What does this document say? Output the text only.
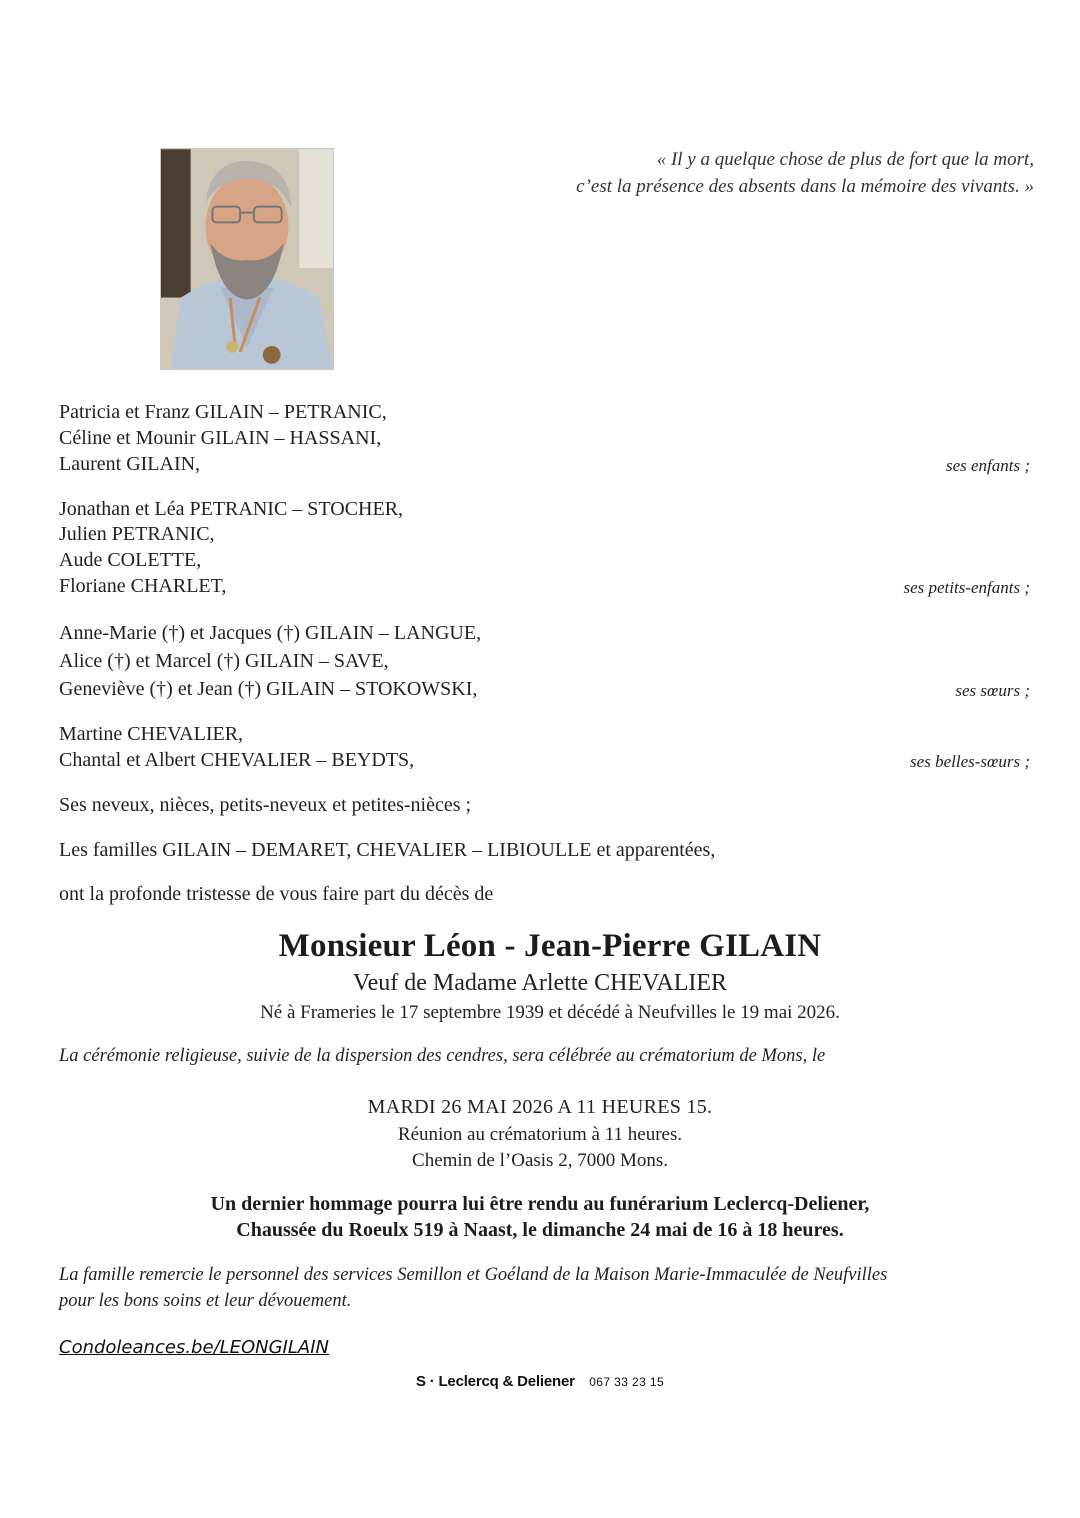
« Il y a quelque chose de plus de fort que la mort,
c’est la présence des absents dans la mémoire des vivants. »
Patricia et Franz GILAIN – PETRANIC,
Céline et Mounir GILAIN – HASSANI,
Laurent GILAIN,	ses enfants ;
Jonathan et Léa PETRANIC – STOCHER,
Julien PETRANIC,
Aude COLETTE,
Floriane CHARLET,	ses petits-enfants ;
Anne-Marie (†) et Jacques (†) GILAIN – LANGUE,
Alice (†) et Marcel (†) GILAIN – SAVE,
Geneviève (†) et Jean (†) GILAIN – STOKOWSKI,	ses sœurs ;
Martine CHEVALIER,
Chantal et Albert CHEVALIER – BEYDTS,	ses belles-sœurs ;
Ses neveux, nièces, petits-neveux et petites-nièces ;
Les familles GILAIN – DEMARET, CHEVALIER – LIBIOULLE et apparentées,
ont la profonde tristesse de vous faire part du décès de
Monsieur Léon - Jean-Pierre GILAIN
Veuf de Madame Arlette CHEVALIER
Né à Frameries le 17 septembre 1939 et décédé à Neufvilles le 19 mai 2026.
La cérémonie religieuse, suivie de la dispersion des cendres, sera célébrée au crématorium de Mons, le
MARDI 26 MAI 2026 A 11 HEURES 15.
Réunion au crématorium à 11 heures.
Chemin de l’Oasis 2, 7000 Mons.
Un dernier hommage pourra lui être rendu au funérarium Leclercq-Deliener,
Chaussée du Roeulx 519 à Naast, le dimanche 24 mai de 16 à 18 heures.
La famille remercie le personnel des services Semillon et Goéland de la Maison Marie-Immaculée de Neufvilles
pour les bons soins et leur dévouement.
Condoleances.be/LEONGILAIN
S · Leclercq & Deliener 067 33 23 15
